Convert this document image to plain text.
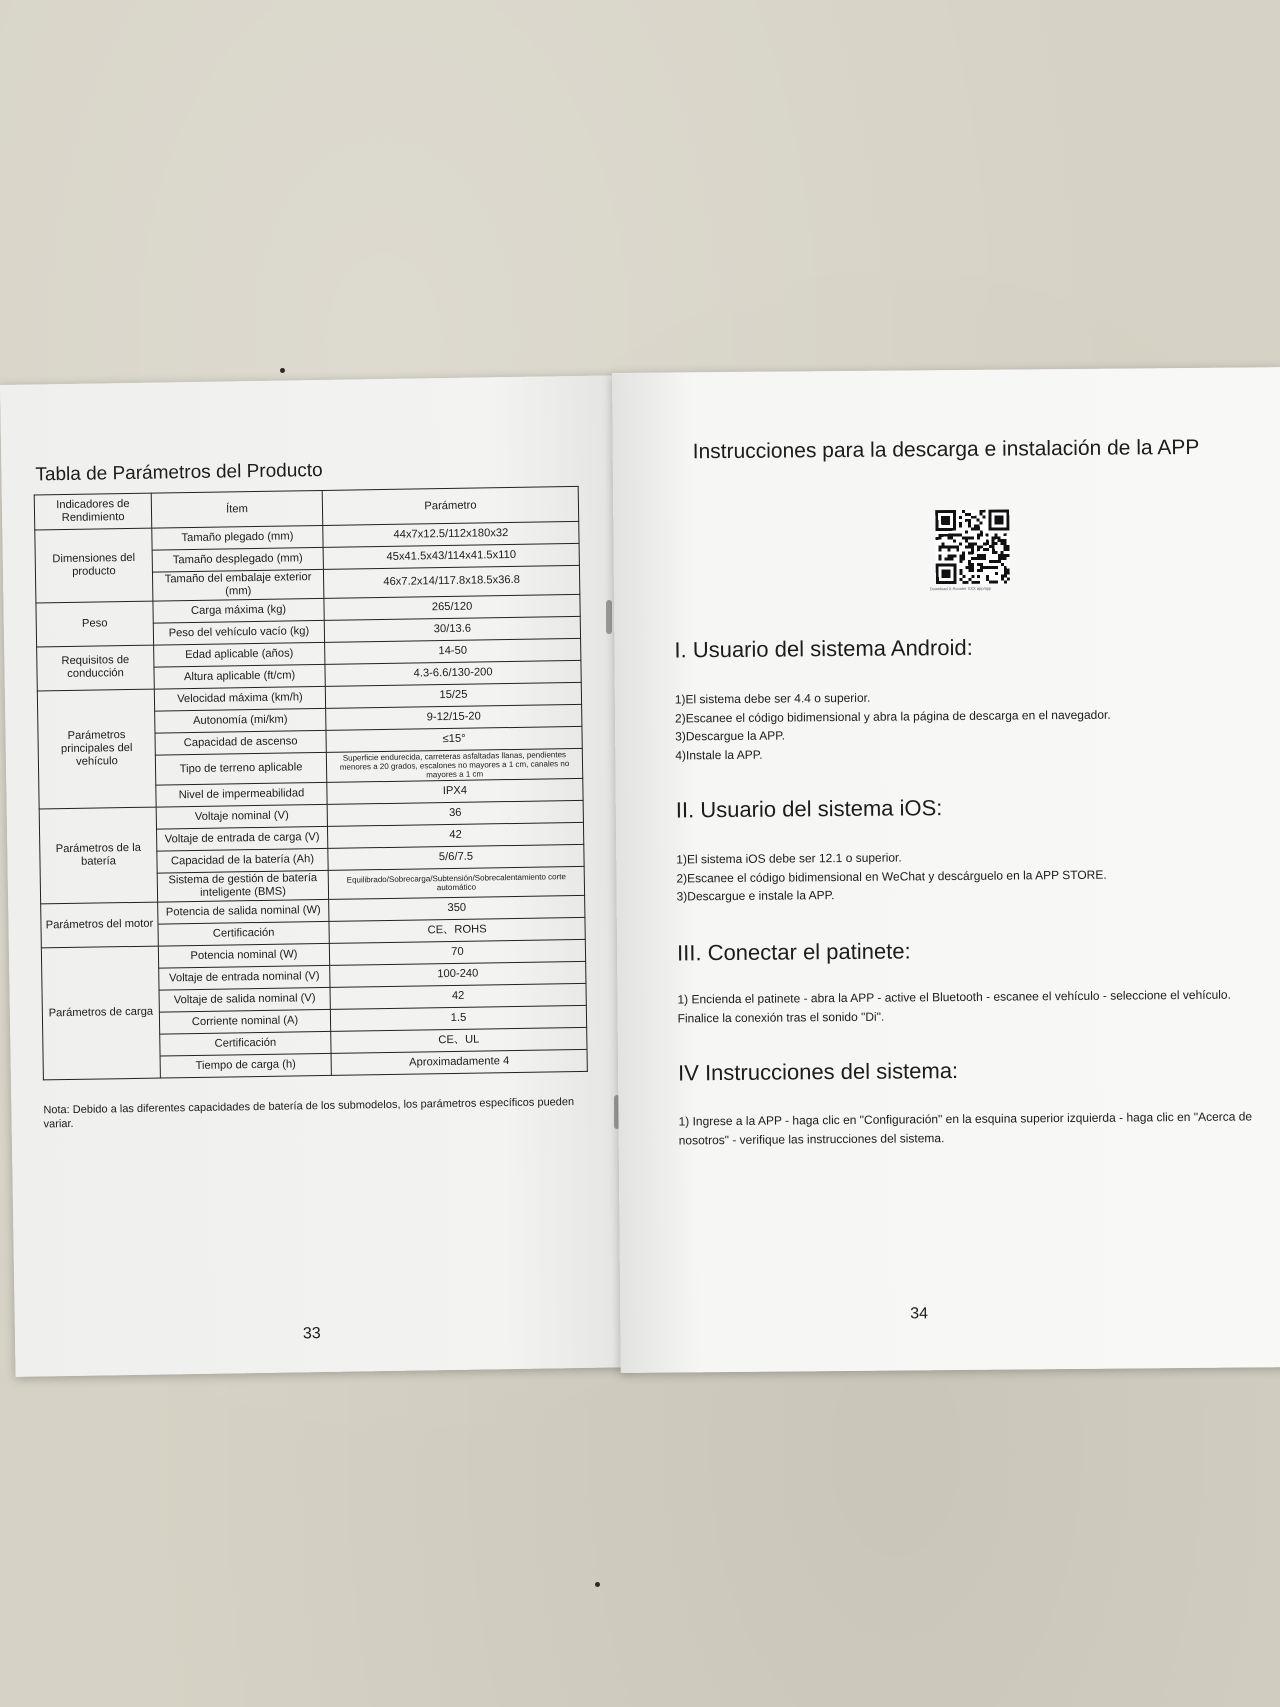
Tabla de Parámetros del Producto
Indicadores de Rendimiento	Ítem	Parámetro
Dimensiones del producto	Tamaño plegado (mm)	44x7x12.5/112x180x32
	Tamaño desplegado (mm)	45x41.5x43/114x41.5x110
	Tamaño del embalaje exterior (mm)	46x7.2x14/117.8x18.5x36.8
Peso	Carga máxima (kg)	265/120
	Peso del vehículo vacío (kg)	30/13.6
Requisitos de conducción	Edad aplicable (años)	14-50
	Altura aplicable (ft/cm)	4.3-6.6/130-200
Parámetros principales del vehículo	Velocidad máxima (km/h)	15/25
	Autonomía (mi/km)	9-12/15-20
	Capacidad de ascenso	≤15°
	Tipo de terreno aplicable	Superficie endurecida, carreteras asfaltadas llanas, pendientes menores a 20 grados, escalones no mayores a 1 cm, canales no mayores a 1 cm
	Nivel de impermeabilidad	IPX4
Parámetros de la batería	Voltaje nominal (V)	36
	Voltaje de entrada de carga (V)	42
	Capacidad de la batería (Ah)	5/6/7.5
	Sistema de gestión de batería inteligente (BMS)	Equilibrado/Sobrecarga/Subtensión/Sobrecalentamiento corte automático
Parámetros del motor	Potencia de salida nominal (W)	350
	Certificación	CE、ROHS
Parámetros de carga	Potencia nominal (W)	70
	Voltaje de entrada nominal (V)	100-240
	Voltaje de salida nominal (V)	42
	Corriente nominal (A)	1.5
	Certificación	CE、UL
	Tiempo de carga (h)	Aproximadamente 4
Nota: Debido a las diferentes capacidades de batería de los submodelos, los parámetros específicos pueden variar.
33
Instrucciones para la descarga e instalación de la APP
Download X-Scooter XXX app/app
I. Usuario del sistema Android:
1)El sistema debe ser 4.4 o superior.
2)Escanee el código bidimensional y abra la página de descarga en el navegador.
3)Descargue la APP.
4)Instale la APP.
II. Usuario del sistema iOS:
1)El sistema iOS debe ser 12.1 o superior.
2)Escanee el código bidimensional en WeChat y descárguelo en la APP STORE.
3)Descargue e instale la APP.
III. Conectar el patinete:
1) Encienda el patinete - abra la APP - active el Bluetooth - escanee el vehículo - seleccione el vehículo. Finalice la conexión tras el sonido "Di".
IV Instrucciones del sistema:
1) Ingrese a la APP - haga clic en "Configuración" en la esquina superior izquierda - haga clic en "Acerca de nosotros" - verifique las instrucciones del sistema.
34
